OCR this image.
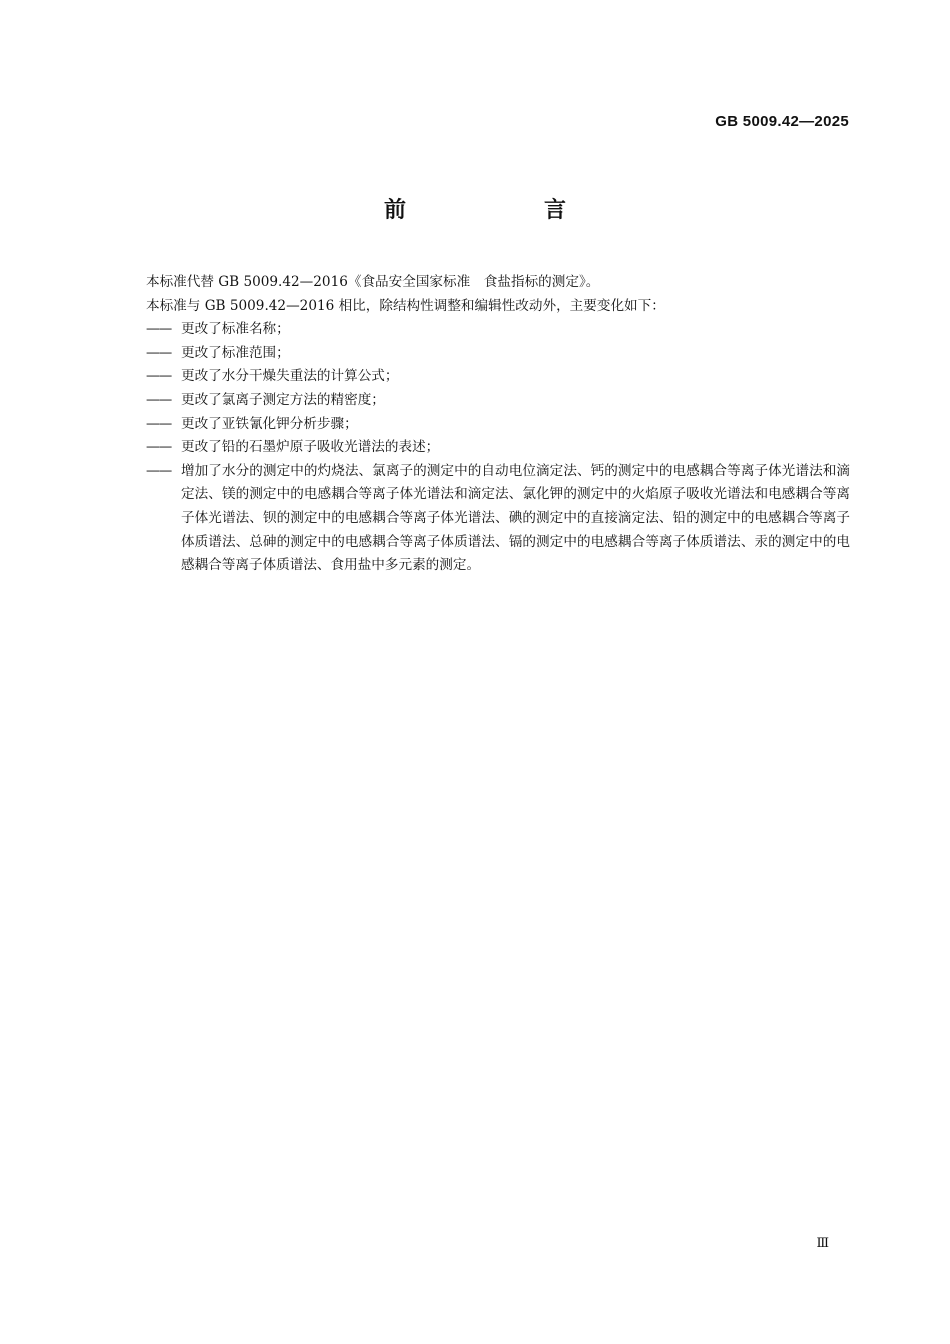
GB 5009.42—2025
前　言

本标准代替 GB 5009.42—2016《食品安全国家标准　食盐指标的测定》。

本标准与 GB 5009.42—2016 相比，除结构性调整和编辑性改动外，主要变化如下：

—— 更改了标准名称；
—— 更改了标准范围；
—— 更改了水分干燥失重法的计算公式；
—— 更改了氯离子测定方法的精密度；
—— 更改了亚铁氰化钾分析步骤；
—— 更改了铅的石墨炉原子吸收光谱法的表述；
—— 增加了水分的测定中的灼烧法、氯离子的测定中的自动电位滴定法、钙的测定中的电感耦合等离子体光谱法和滴定法、镁的测定中的电感耦合等离子体光谱法和滴定法、氯化钾的测定中的火焰原子吸收光谱法和电感耦合等离子体光谱法、钡的测定中的电感耦合等离子体光谱法、碘的测定中的直接滴定法、铅的测定中的电感耦合等离子体质谱法、总砷的测定中的电感耦合等离子体质谱法、镉的测定中的电感耦合等离子体质谱法、汞的测定中的电感耦合等离子体质谱法、食用盐中多元素的测定。
Ⅲ
